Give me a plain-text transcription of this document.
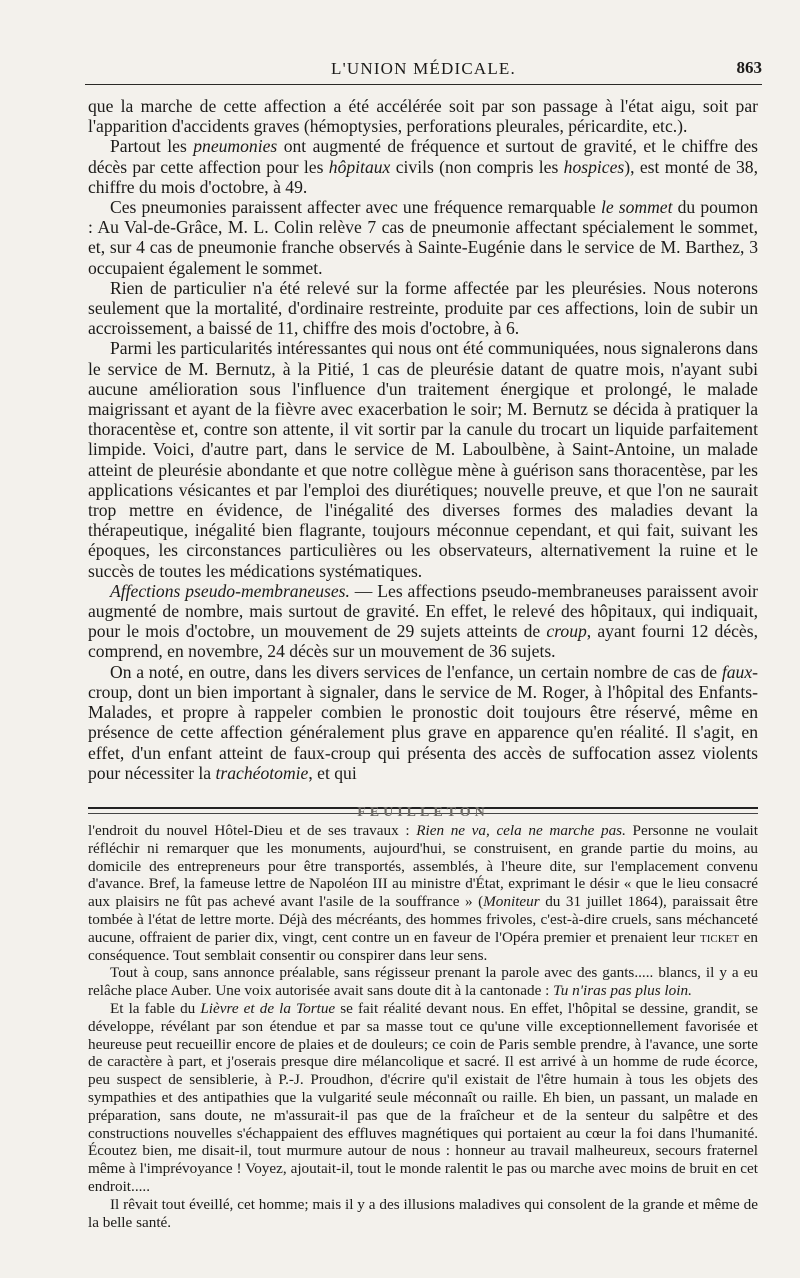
L'UNION MÉDICALE.	863

que la marche de cette affection a été accélérée soit par son passage à l'état aigu, soit par l'apparition d'accidents graves (hémoptysies, perforations pleurales, péricardite, etc.).

Partout les pneumonies ont augmenté de fréquence et surtout de gravité, et le chiffre des décès par cette affection pour les hôpitaux civils (non compris les hospices), est monté de 38, chiffre du mois d'octobre, à 49.

Ces pneumonies paraissent affecter avec une fréquence remarquable le sommet du poumon : Au Val-de-Grâce, M. L. Colin relève 7 cas de pneumonie affectant spécialement le sommet, et, sur 4 cas de pneumonie franche observés à Sainte-Eugénie dans le service de M. Barthez, 3 occupaient également le sommet.

Rien de particulier n'a été relevé sur la forme affectée par les pleurésies. Nous noterons seulement que la mortalité, d'ordinaire restreinte, produite par ces affections, loin de subir un accroissement, a baissé de 11, chiffre des mois d'octobre, à 6.

Parmi les particularités intéressantes qui nous ont été communiquées, nous signalerons dans le service de M. Bernutz, à la Pitié, 1 cas de pleurésie datant de quatre mois, n'ayant subi aucune amélioration sous l'influence d'un traitement énergique et prolongé, le malade maigrissant et ayant de la fièvre avec exacerbation le soir; M. Bernutz se décida à pratiquer la thoracentèse et, contre son attente, il vit sortir par la canule du trocart un liquide parfaitement limpide. Voici, d'autre part, dans le service de M. Laboulbène, à Saint-Antoine, un malade atteint de pleurésie abondante et que notre collègue mène à guérison sans thoracentèse, par les applications vésicantes et par l'emploi des diurétiques; nouvelle preuve, et que l'on ne saurait trop mettre en évidence, de l'inégalité des diverses formes des maladies devant la thérapeutique, inégalité bien flagrante, toujours méconnue cependant, et qui fait, suivant les époques, les circonstances particulières ou les observateurs, alternativement la ruine et le succès de toutes les médications systématiques.

Affections pseudo-membraneuses. — Les affections pseudo-membraneuses paraissent avoir augmenté de nombre, mais surtout de gravité. En effet, le relevé des hôpitaux, qui indiquait, pour le mois d'octobre, un mouvement de 29 sujets atteints de croup, ayant fourni 12 décès, comprend, en novembre, 24 décès sur un mouvement de 36 sujets.

On a noté, en outre, dans les divers services de l'enfance, un certain nombre de cas de faux-croup, dont un bien important à signaler, dans le service de M. Roger, à l'hôpital des Enfants-Malades, et propre à rappeler combien le pronostic doit toujours être réservé, même en présence de cette affection généralement plus grave en apparence qu'en réalité. Il s'agit, en effet, d'un enfant atteint de faux-croup qui présenta des accès de suffocation assez violents pour nécessiter la trachéotomie, et qui

FEUILLETON

l'endroit du nouvel Hôtel-Dieu et de ses travaux : Rien ne va, cela ne marche pas. Personne ne voulait réfléchir ni remarquer que les monuments, aujourd'hui, se construisent, en grande partie du moins, au domicile des entrepreneurs pour être transportés, assemblés, à l'heure dite, sur l'emplacement convenu d'avance. Bref, la fameuse lettre de Napoléon III au ministre d'État, exprimant le désir « que le lieu consacré aux plaisirs ne fût pas achevé avant l'asile de la souffrance » (Moniteur du 31 juillet 1864), paraissait être tombée à l'état de lettre morte. Déjà des mécréants, des hommes frivoles, c'est-à-dire cruels, sans méchanceté aucune, offraient de parier dix, vingt, cent contre un en faveur de l'Opéra premier et prenaient leur ticket en conséquence. Tout semblait consentir ou conspirer dans leur sens.

Tout à coup, sans annonce préalable, sans régisseur prenant la parole avec des gants..... blancs, il y a eu relâche place Auber. Une voix autorisée avait sans doute dit à la cantonade : Tu n'iras pas plus loin.

Et la fable du Lièvre et de la Tortue se fait réalité devant nous. En effet, l'hôpital se dessine, grandit, se développe, révélant par son étendue et par sa masse tout ce qu'une ville exceptionnellement favorisée et heureuse peut recueillir encore de plaies et de douleurs; ce coin de Paris semble prendre, à l'avance, une sorte de caractère à part, et j'oserais presque dire mélancolique et sacré. Il est arrivé à un homme de rude écorce, peu suspect de sensiblerie, à P.-J. Proudhon, d'écrire qu'il existait de l'être humain à tous les objets des sympathies et des antipathies que la vulgarité seule méconnaît ou raille. Eh bien, un passant, un malade en préparation, sans doute, ne m'assurait-il pas que de la fraîcheur et de la senteur du salpêtre et des constructions nouvelles s'échappaient des effluves magnétiques qui portaient au cœur la foi dans l'humanité. Écoutez bien, me disait-il, tout murmure autour de nous : honneur au travail malheureux, secours fraternel même à l'imprévoyance ! Voyez, ajoutait-il, tout le monde ralentit le pas ou marche avec moins de bruit en cet endroit.....

Il rêvait tout éveillé, cet homme; mais il y a des illusions maladives qui consolent de la grande et même de la belle santé.
